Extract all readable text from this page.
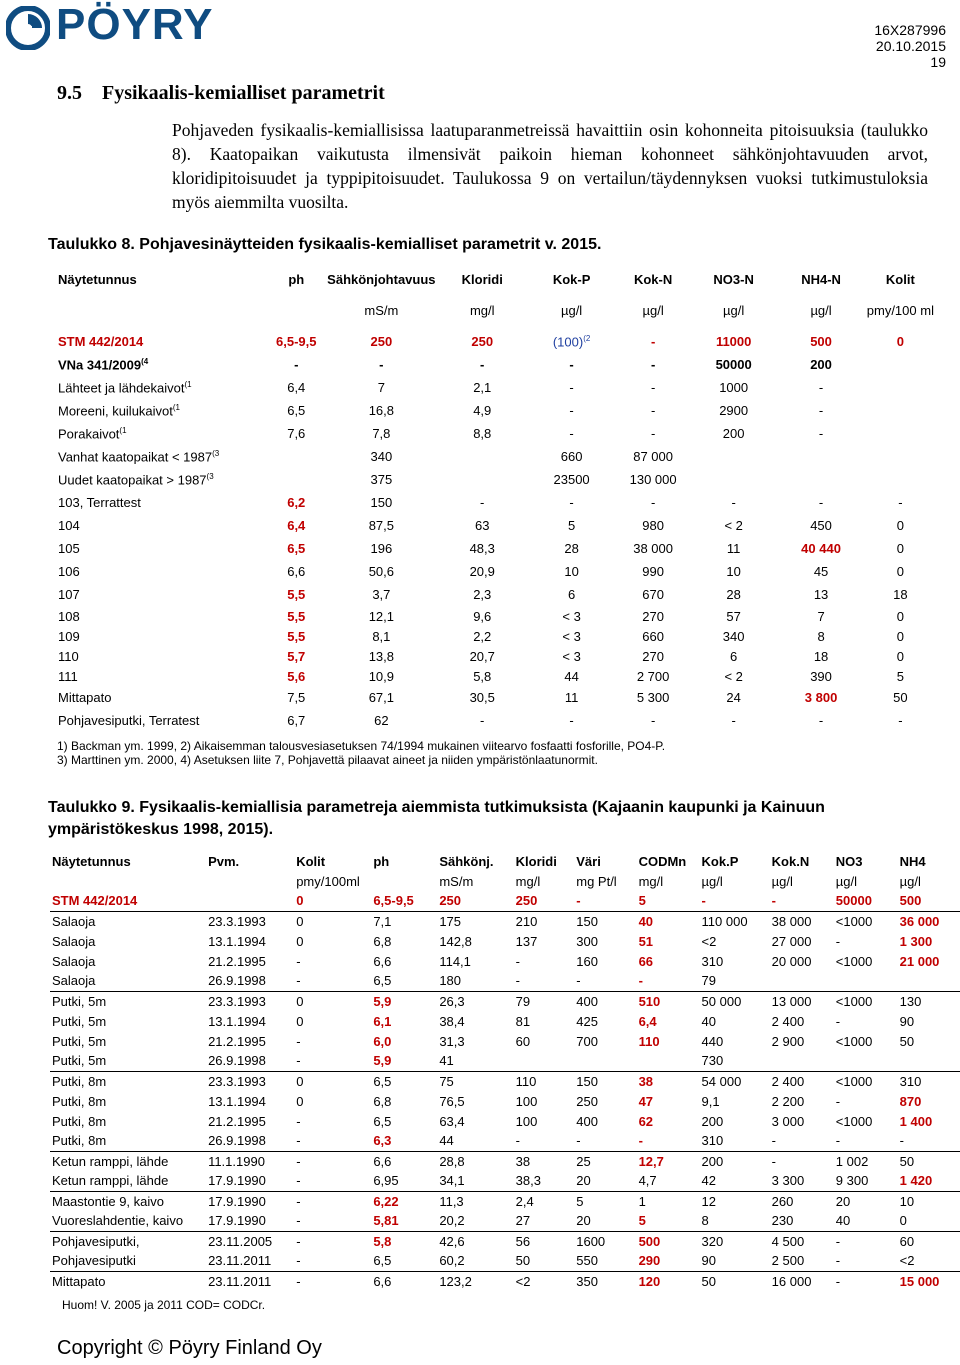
PÖYRY	16X287996
20.10.2015
19
9.5 Fysikaalis-kemialliset parametrit
Pohjaveden fysikaalis-kemiallisissa laatuparanmetreissä havaittiin osin kohonneita pitoisuuksia (taulukko 8). Kaatopaikan vaikutusta ilmensivät paikoin hieman kohonneet sähkönjohtavuuden arvot, kloridipitoisuudet ja typpipitoisuudet. Taulukossa 9 on vertailun/täydennyksen vuoksi tutkimustuloksia myös aiemmilta vuosilta.
Taulukko 8. Pohjavesinäytteiden fysikaalis-kemialliset parametrit v. 2015.
Näytetunnus	ph	Sähkönjohtavuus	Kloridi	Kok-P	Kok-N	NO3-N	NH4-N	Kolit
		mS/m	mg/l	µg/l	µg/l	µg/l	µg/l	pmy/100 ml
STM 442/2014	6,5-9,5	250	250	$(100)^{(2}$	-	11000	500	0
VNa 341/2009$^{(4}$	-	-	-	-	-	50000	200	
Lähteet ja lähdekaivot$^{(1}$	6,4	7	2,1	-	-	1000	-	
Moreeni, kuilukaivot$^{(1}$	6,5	16,8	4,9	-	-	2900	-	
Porakaivot$^{(1}$	7,6	7,8	8,8	-	-	200	-	
Vanhat kaatopaikat < $1987^{(3}$		340		660	87 000			
Uudet kaatopaikat > $1987^{(3}$		375		23500	130 000			
103, Terrattest	6,2	150	-	-	-	-	-	-
104	6,4	87,5	63	5	980	< 2	450	0
105	6,5	196	48,3	28	38 000	11	40 440	0
106	6,6	50,6	20,9	10	990	10	45	0
107	5,5	3,7	2,3	6	670	28	13	18
108	5,5	12,1	9,6	< 3	270	57	7	0
109	5,5	8,1	2,2	< 3	660	340	8	0
110	5,7	13,8	20,7	< 3	270	6	18	0
111	5,6	10,9	5,8	44	2 700	< 2	390	5
Mittapato	7,5	67,1	30,5	11	5 300	24	3 800	50
Pohjavesiputki, Terratest	6,7	62	-	-	-	-	-	-
1) Backman ym. 1999, 2) Aikaisemman talousvesiasetuksen 74/1994 mukainen viitearvo fosfaatti fosforille, PO4-P.
3) Marttinen ym. 2000, 4) Asetuksen liite 7, Pohjavettä pilaavat aineet ja niiden ympäristönlaatunormit.
Taulukko 9. Fysikaalis-kemiallisia parametreja aiemmista tutkimuksista (Kajaanin kaupunki ja Kainuun ympäristökeskus 1998, 2015).
Näytetunnus	Pvm.	Kolit	ph	Sähkönj.	Kloridi	Väri	CODMn	Kok.P	Kok.N	NO3	NH4
		pmy/100ml		mS/m	mg/l	mg Pt/l	mg/l	µg/l	µg/l	µg/l	µg/l
STM 442/2014		0	6,5-9,5	250	250	-	5	-	-	50000	500
Salaoja	23.3.1993	0	7,1	175	210	150	40	110 000	38 000	<1000	36 000
Salaoja	13.1.1994	0	6,8	142,8	137	300	51	<2	27 000	-	1 300
Salaoja	21.2.1995	-	6,6	114,1	-	160	66	310	20 000	<1000	21 000
Salaoja	26.9.1998	-	6,5	180	-	-	-	79			
Putki, 5m	23.3.1993	0	5,9	26,3	79	400	510	50 000	13 000	<1000	130
Putki, 5m	13.1.1994	0	6,1	38,4	81	425	6,4	40	2 400	-	90
Putki, 5m	21.2.1995	-	6,0	31,3	60	700	110	440	2 900	<1000	50
Putki, 5m	26.9.1998	-	5,9	41				730			
Putki, 8m	23.3.1993	0	6,5	75	110	150	38	54 000	2 400	<1000	310
Putki, 8m	13.1.1994	0	6,8	76,5	100	250	47	9,1	2 200	-	870
Putki, 8m	21.2.1995	-	6,5	63,4	100	400	62	200	3 000	<1000	1 400
Putki, 8m	26.9.1998	-	6,3	44	-	-	-	310	-	-	-
Ketun ramppi, lähde	11.1.1990	-	6,6	28,8	38	25	12,7	200	-	1 002	50
Ketun ramppi, lähde	17.9.1990	-	6,95	34,1	38,3	20	4,7	42	3 300	9 300	1 420
Maastontie 9, kaivo	17.9.1990	-	6,22	11,3	2,4	5	1	12	260	20	10
Vuoreslahdentie, kaivo	17.9.1990	-	5,81	20,2	27	20	5	8	230	40	0
Pohjavesiputki,	23.11.2005	-	5,8	42,6	56	1600	500	320	4 500	-	60
Pohjavesiputki	23.11.2011	-	6,5	60,2	50	550	290	90	2 500	-	<2
Mittapato	23.11.2011	-	6,6	123,2	<2	350	120	50	16 000	-	15 000
Huom! V. 2005 ja 2011 COD= CODCr.
Copyright © Pöyry Finland Oy
